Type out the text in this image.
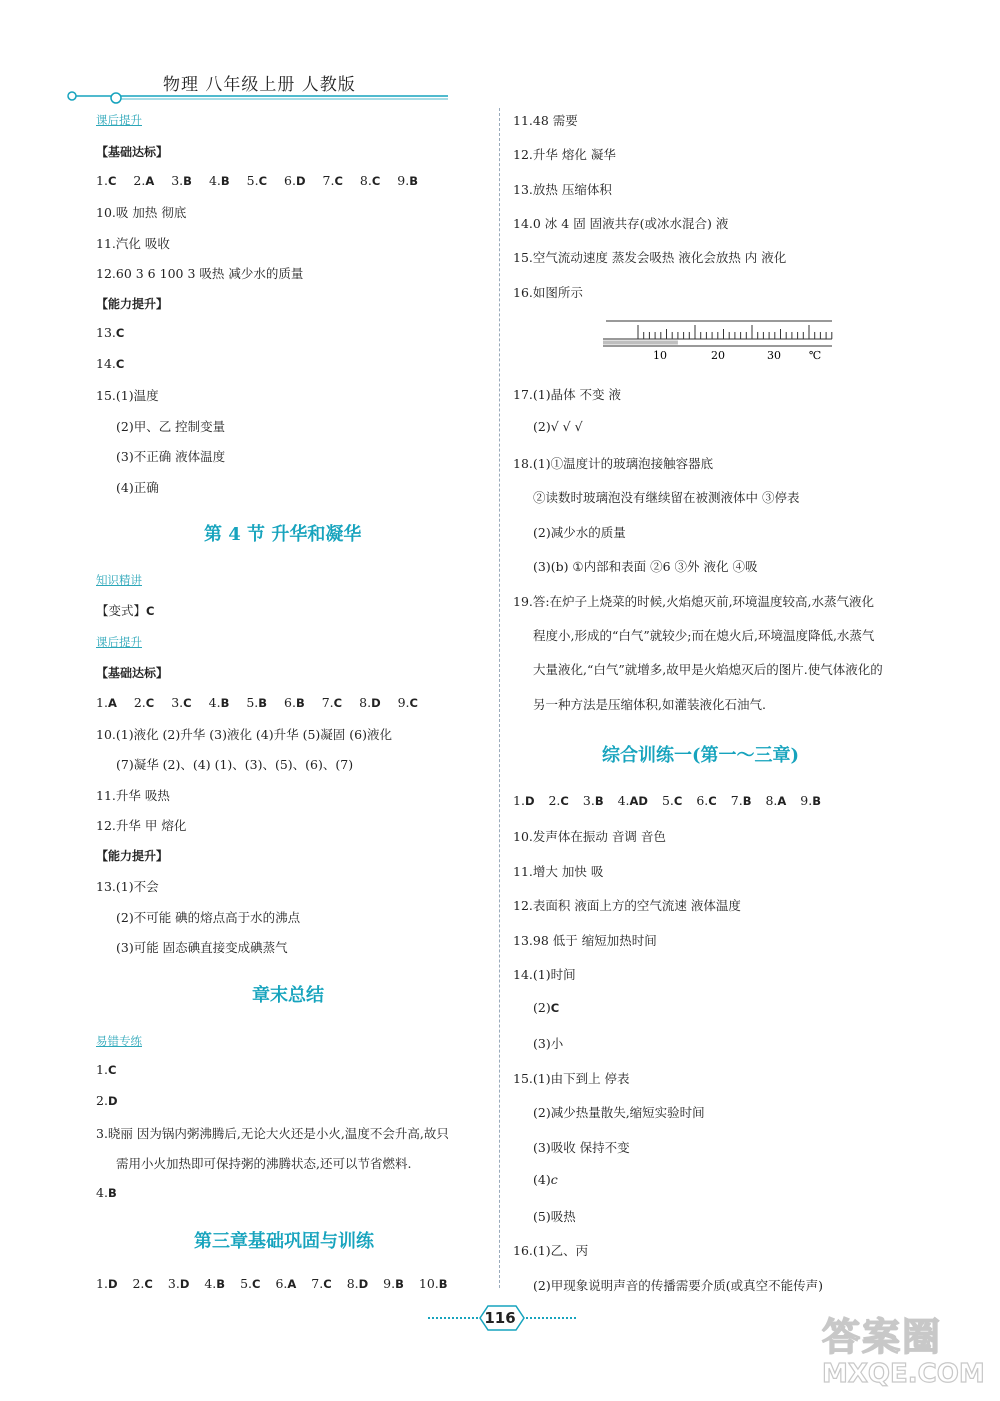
物理 八年级上册 人教版
课后提升
【基础达标】
1.C 2.A 3.B 4.B 5.C 6.D 7.C 8.C 9.B
10.吸 加热 彻底
11.汽化 吸收
12.60 3 6 100 3 吸热 减少水的质量
【能力提升】
13.C
14.C
15.(1)温度
(2)甲、乙 控制变量
(3)不正确 液体温度
(4)正确
第 4 节 升华和凝华
知识精讲
【变式】C
课后提升
【基础达标】
1.A 2.C 3.C 4.B 5.B 6.B 7.C 8.D 9.C
10.(1)液化 (2)升华 (3)液化 (4)升华 (5)凝固 (6)液化
(7)凝华 (2)、(4) (1)、(3)、(5)、(6)、(7)
11.升华 吸热
12.升华 甲 熔化
【能力提升】
13.(1)不会
(2)不可能 碘的熔点高于水的沸点
(3)可能 固态碘直接变成碘蒸气
章末总结
易错专练
1.C
2.D
3.晓丽 因为锅内粥沸腾后,无论大火还是小火,温度不会升高,故只
需用小火加热即可保持粥的沸腾状态,还可以节省燃料.
4.B
第三章基础巩固与训练
1.D 2.C 3.D 4.B 5.C 6.A 7.C 8.D 9.B 10.B
11.48 需要
12.升华 熔化 凝华
13.放热 压缩体积
14.0 冰 4 固 固液共存(或冰水混合) 液
15.空气流动速度 蒸发会吸热 液化会放热 内 液化
16.如图所示
10	20	30	℃
17.(1)晶体 不变 液
(2)√ √ √
18.(1)①温度计的玻璃泡接触容器底
②读数时玻璃泡没有继续留在被测液体中 ③停表
(2)减少水的质量
(3)(b) ①内部和表面 ②6 ③外 液化 ④吸
19.答:在炉子上烧菜的时候,火焰熄灭前,环境温度较高,水蒸气液化
程度小,形成的“白气”就较少;而在熄火后,环境温度降低,水蒸气
大量液化,“白气”就增多,故甲是火焰熄灭后的图片.使气体液化的
另一种方法是压缩体积,如灌装液化石油气.
综合训练一(第一～三章)
1.D 2.C 3.B 4.AD 5.C 6.C 7.B 8.A 9.B
10.发声体在振动 音调 音色
11.增大 加快 吸
12.表面积 液面上方的空气流速 液体温度
13.98 低于 缩短加热时间
14.(1)时间
(2)C
(3)小
15.(1)由下到上 停表
(2)减少热量散失,缩短实验时间
(3)吸收 保持不变
(4)c
(5)吸热
16.(1)乙、丙
(2)甲现象说明声音的传播需要介质(或真空不能传声)
116	答案圈
MXQE.COM
